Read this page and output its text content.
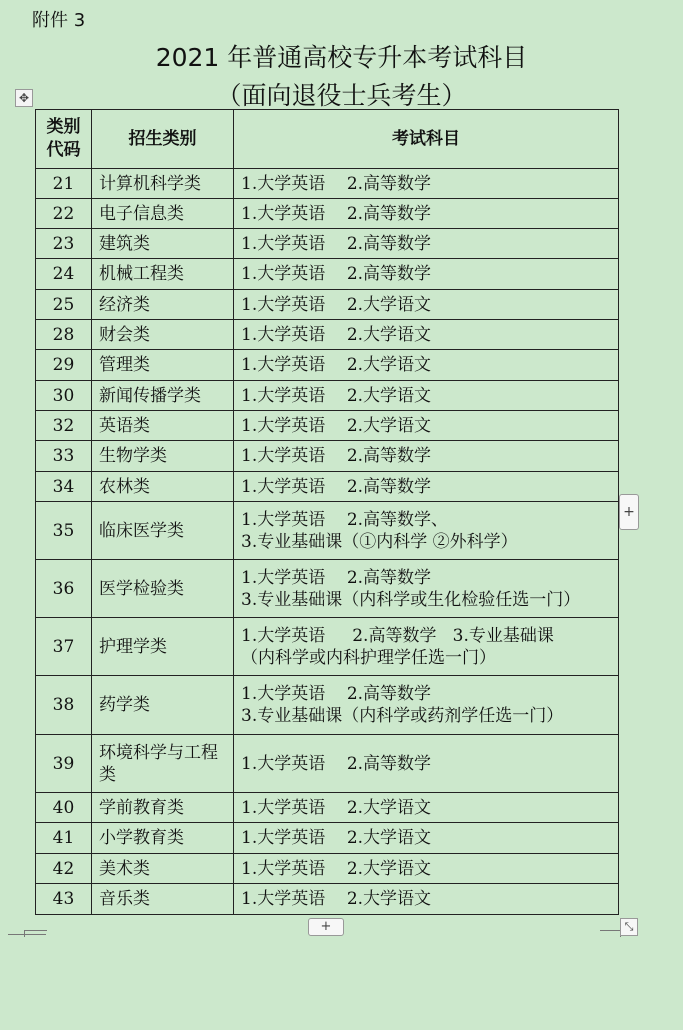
附件 3
2021 年普通高校专升本考试科目
（面向退役士兵考生）
✥
类别
代码	招生类别	考试科目
21	计算机科学类	1.大学英语    2.高等数学

22	电子信息类	1.大学英语    2.高等数学

23	建筑类	1.大学英语    2.高等数学

24	机械工程类	1.大学英语    2.高等数学

25	经济类	1.大学英语    2.大学语文

28	财会类	1.大学英语    2.大学语文

29	管理类	1.大学英语    2.大学语文

30	新闻传播学类	1.大学英语    2.大学语文

32	英语类	1.大学英语    2.大学语文

33	生物学类	1.大学英语    2.高等数学

34	农林类	1.大学英语    2.高等数学

35	临床医学类	1.大学英语    2.高等数学、
3.专业基础课（①内科学 ②外科学）

36	医学检验类	1.大学英语    2.高等数学
3.专业基础课（内科学或生化检验任选一门）

37	护理学类	1.大学英语     2.高等数学   3.专业基础课
（内科学或内科护理学任选一门）

38	药学类	1.大学英语    2.高等数学
3.专业基础课（内科学或药剂学任选一门）

39	环境科学与工程类	1.大学英语    2.高等数学

40	学前教育类	1.大学英语    2.大学语文

41	小学教育类	1.大学英语    2.大学语文

42	美术类	1.大学英语    2.大学语文

43	音乐类	1.大学英语    2.大学语文
+
+	⤡
